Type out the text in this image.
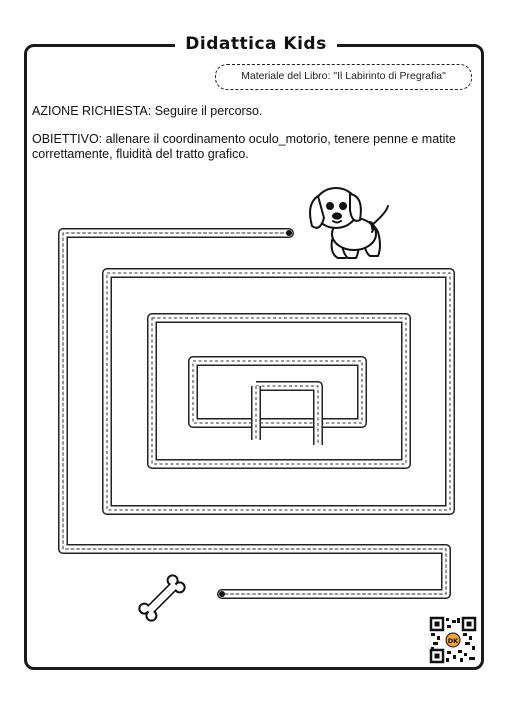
Didattica Kids
Materiale del Libro: "Il Labirinto di Pregrafia"
AZIONE RICHIESTA: Seguire il percorso.
OBIETTIVO: allenare il coordinamento oculo_motorio, tenere penne e matite correttamente, fluidità del tratto grafico.
DK
